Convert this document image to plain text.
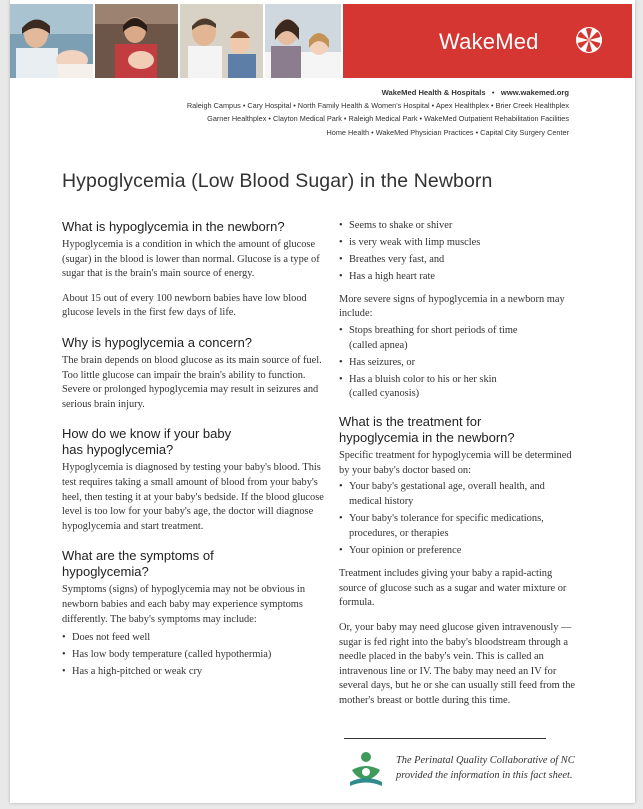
WakeMed
WakeMed Health & Hospitals • www.wakemed.org
Raleigh Campus • Cary Hospital • North Family Health & Women's Hospital • Apex Healthplex • Brier Creek Healthplex
Garner Healthplex • Clayton Medical Park • Raleigh Medical Park • WakeMed Outpatient Rehabilitation Facilities
Home Health • WakeMed Physician Practices • Capital City Surgery Center
Hypoglycemia (Low Blood Sugar) in the Newborn
What is hypoglycemia in the newborn?

Hypoglycemia is a condition in which the amount of glucose (sugar) in the blood is lower than normal. Glucose is a type of sugar that is the brain's main source of energy.

About 15 out of every 100 newborn babies have low blood glucose levels in the first few days of life.

Why is hypoglycemia a concern?

The brain depends on blood glucose as its main source of fuel. Too little glucose can impair the brain's ability to function. Severe or prolonged hypoglycemia may result in seizures and serious brain injury.

How do we know if your baby
has hypoglycemia?

Hypoglycemia is diagnosed by testing your baby's blood. This test requires taking a small amount of blood from your baby's heel, then testing it at your baby's bedside. If the blood glucose level is too low for your baby's age, the doctor will diagnose hypoglycemia and start treatment.

What are the symptoms of
hypoglycemia?

Symptoms (signs) of hypoglycemia may not be obvious in newborn babies and each baby may experience symptoms differently. The baby's symptoms may include:

• Does not feed well
• Has low body temperature (called hypothermia)
• Has a high-pitched or weak cry
• Seems to shake or shiver
• is very weak with limp muscles
• Breathes very fast, and
• Has a high heart rate

More severe signs of hypoglycemia in a newborn may include:

• Stops breathing for short periods of time
(called apnea)
• Has seizures, or
• Has a bluish color to his or her skin
(called cyanosis)
What is the treatment for
hypoglycemia in the newborn?

Specific treatment for hypoglycemia will be determined by your baby's doctor based on:

• Your baby's gestational age, overall health, and medical history
• Your baby's tolerance for specific medications, procedures, or therapies
• Your opinion or preference

Treatment includes giving your baby a rapid-acting source of glucose such as a sugar and water mixture or formula.

Or, your baby may need glucose given intravenously — sugar is fed right into the baby's bloodstream through a needle placed in the baby's vein. This is called an intravenous line or IV. The baby may need an IV for several days, but he or she can usually still feed from the mother's breast or bottle during this time.

The Perinatal Quality Collaborative of NC
provided the information in this fact sheet.
